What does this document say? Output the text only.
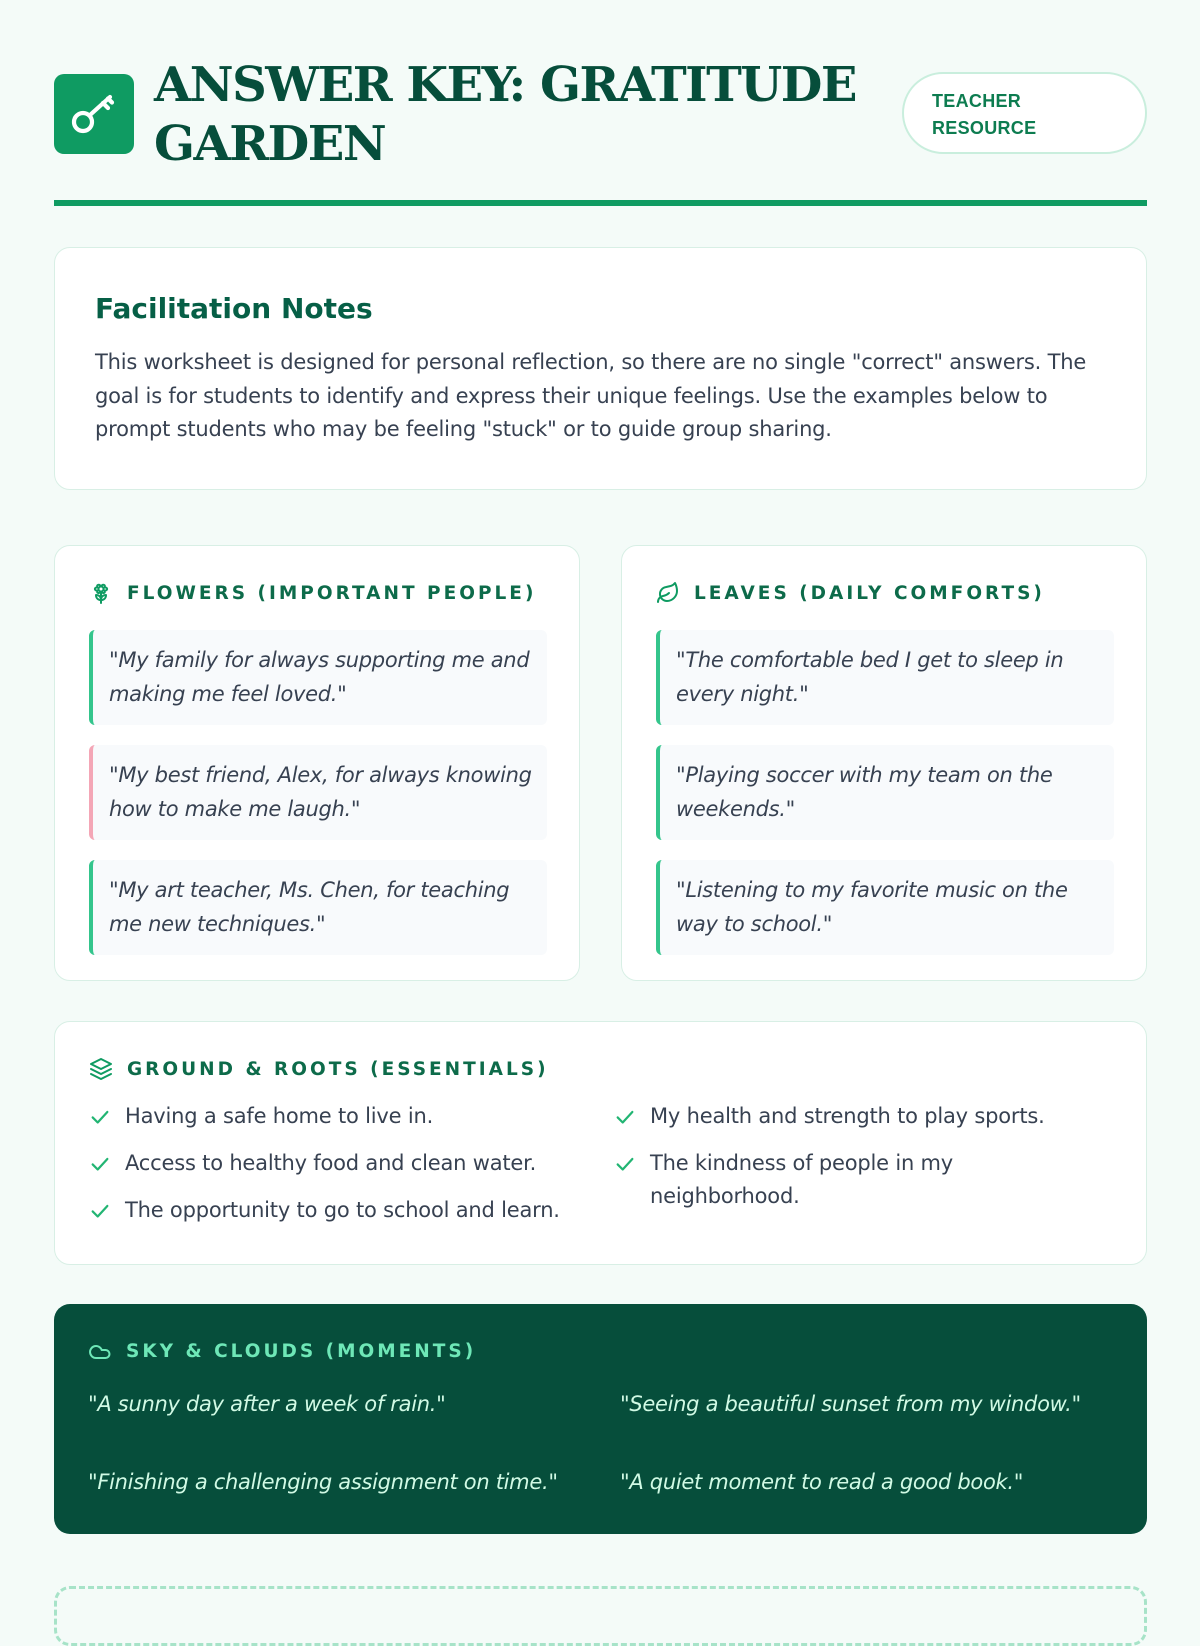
ANSWER KEY: GRATITUDE GARDEN
TEACHER RESOURCE
Facilitation Notes

This worksheet is designed for personal reflection, so there are no single "correct" answers. The goal is for students to identify and express their unique feelings. Use the examples below to prompt students who may be feeling "stuck" or to guide group sharing.

FLOWERS (IMPORTANT PEOPLE)
"My family for always supporting me and making me feel loved."
"My best friend, Alex, for always knowing how to make me laugh."
"My art teacher, Ms. Chen, for teaching me new techniques."
LEAVES (DAILY COMFORTS)
"The comfortable bed I get to sleep in every night."
"Playing soccer with my team on the weekends."
"Listening to my favorite music on the way to school."
GROUND & ROOTS (ESSENTIALS)
Having a safe home to live in.
Access to healthy food and clean water.
The opportunity to go to school and learn.
My health and strength to play sports.
The kindness of people in my neighborhood.
SKY & CLOUDS (MOMENTS)
"A sunny day after a week of rain."	"Seeing a beautiful sunset from my window."
"Finishing a challenging assignment on time."	"A quiet moment to read a good book."
